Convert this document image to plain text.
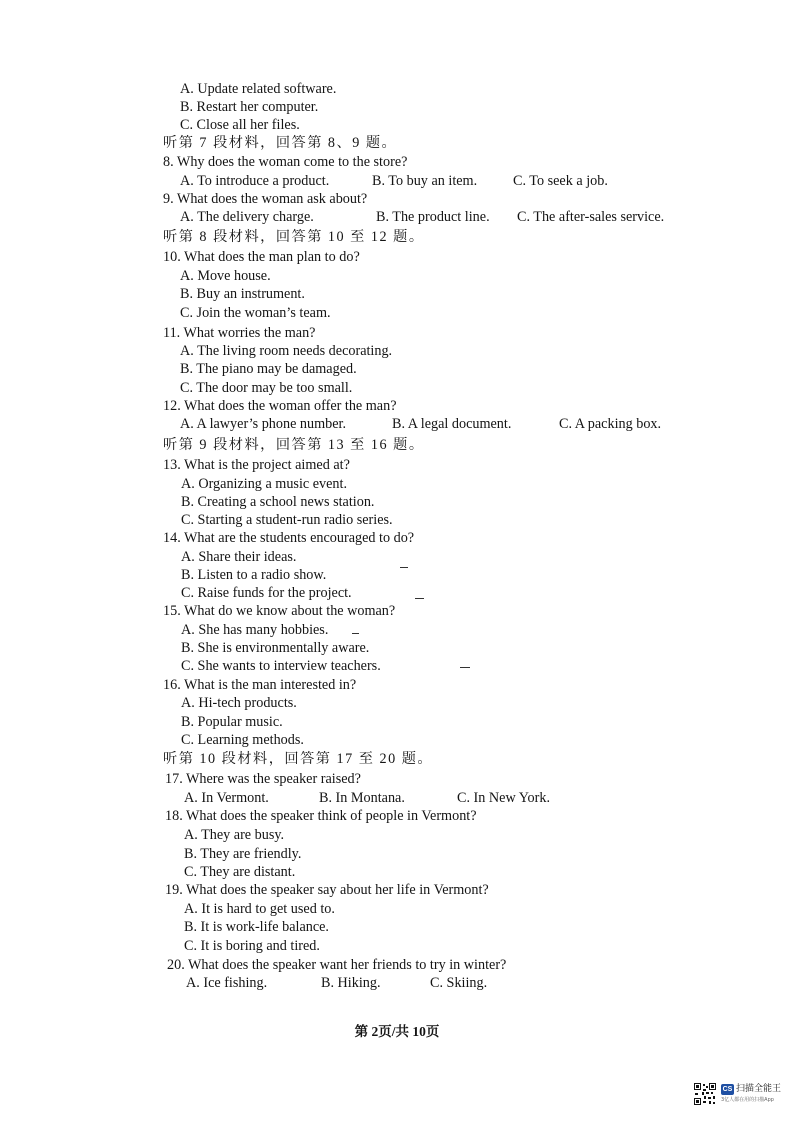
A. Update related software.
B. Restart her computer.
C. Close all her files.
听第 7 段材料，回答第 8、9 题。
8. Why does the woman come to the store?
A. To introduce a product.	B. To buy an item.	C. To seek a job.
9. What does the woman ask about?
A. The delivery charge.	B. The product line. C. The after-sales service.
听第 8 段材料，回答第 10 至 12 题。
10. What does the man plan to do?
A. Move house.
B. Buy an instrument.
C. Join the woman’s team.
11. What worries the man?
A. The living room needs decorating.
B. The piano may be damaged.
C. The door may be too small.
12. What does the woman offer the man?
A. A lawyer’s phone number.	B. A legal document.	C. A packing box.
听第 9 段材料，回答第 13 至 16 题。
13. What is the project aimed at?
A. Organizing a music event.
B. Creating a school news station.
C. Starting a student-run radio series.
14. What are the students encouraged to do?
A. Share their ideas.
B. Listen to a radio show.
C. Raise funds for the project.
15. What do we know about the woman?
A. She has many hobbies.
B. She is environmentally aware.
C. She wants to interview teachers.
16. What is the man interested in?
A. Hi-tech products.
B. Popular music.
C. Learning methods.
听第 10 段材料，回答第 17 至 20 题。
17. Where was the speaker raised?
A. In Vermont.	B. In Montana.	C. In New York.
18. What does the speaker think of people in Vermont?
A. They are busy.
B. They are friendly.
C. They are distant.
19. What does the speaker say about her life in Vermont?
A. It is hard to get used to.
B. It is work-life balance.
C. It is boring and tired.
20. What does the speaker want her friends to try in winter?
A. Ice fishing.	B. Hiking.	C. Skiing.
第 2页/共 10页
CS 扫描全能王
3亿人都在用的扫描App
